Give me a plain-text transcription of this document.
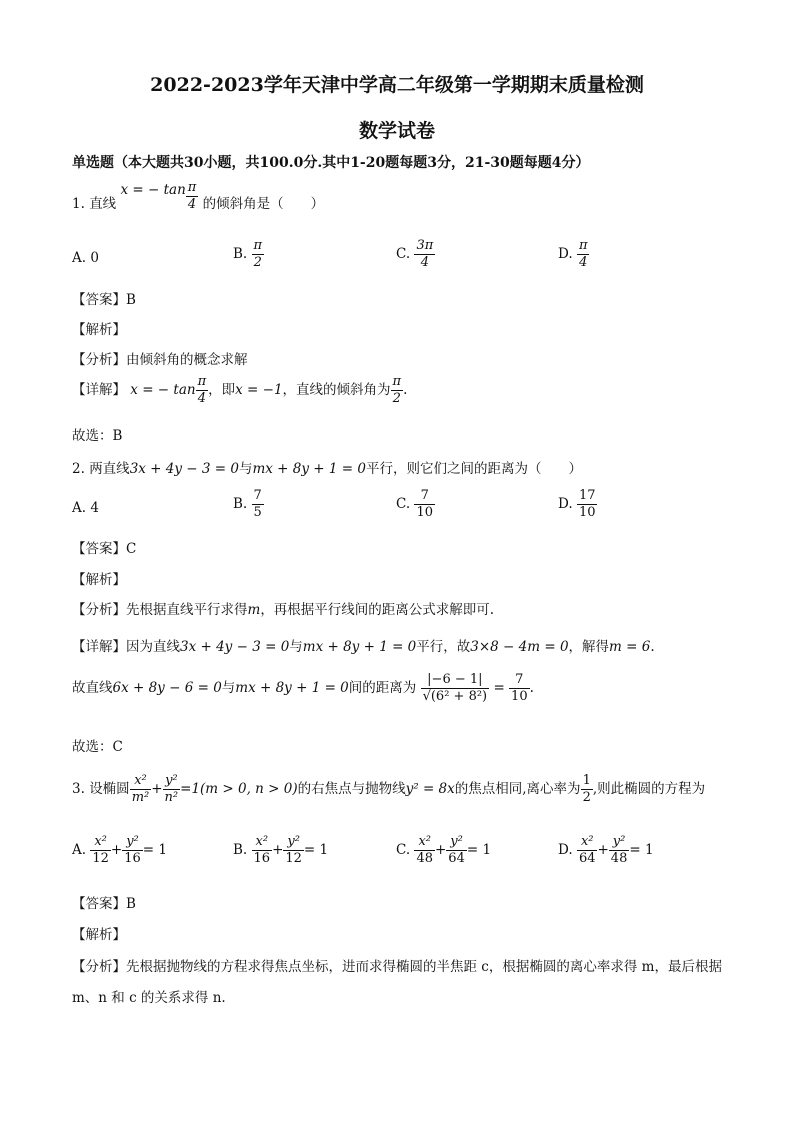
2022-2023学年天津中学高二年级第一学期期末质量检测
数学试卷
单选题（本大题共30小题，共100.0分.其中1-20题每题3分，21-30题每题4分）
1. 直线 x = − $\tan \frac{\pi}{4}$ 的倾斜角是（　　）
A. 0	B. $\frac{\pi}{2}$	C. $\frac{3\pi}{4}$	D. $\frac{\pi}{4}$
【答案】B
【解析】
【分析】由倾斜角的概念求解
【详解】 x = − $\tan \frac{\pi}{4}$ ，即x = −1，直线的倾斜角为 $\frac{\pi}{2}$ .
故选：B
2. 两直线3x + 4y − 3 = 0与mx + 8y + 1 = 0平行，则它们之间的距离为（　　）
A. 4	B. $\frac{7}{5}$	C. $\frac{7}{10}$	D. $\frac{17}{10}$
【答案】C
【解析】
【分析】先根据直线平行求得m，再根据平行线间的距离公式求解即可.
【详解】因为直线3x + 4y − 3 = 0与mx + 8y + 1 = 0平行，故3×8 − 4m = 0，解得m = 6.
故直线6x + 8y − 6 = 0与mx + 8y + 1 = 0间的距离为 $\frac{|-6 - 1|}{\text{√(6² + 8²)}} = \frac{7}{10}$ .
故选：C
3. 设椭圆 $\frac{\text{x²}}{\text{m²}} + \frac{\text{y²}}{\text{n²}} =1(m > 0$, n > 0)的右焦点与抛物线y² = 8x的焦点相同,离心率为 $\frac{1}{2}$ ,则此椭圆的方程为
A. $\frac{\text{x²}}{12} + \frac{\text{y²}}{16} = 1$	B. $\frac{\text{x²}}{16} + \frac{\text{y²}}{12} = 1$	C. $\frac{\text{x²}}{48} + \frac{\text{y²}}{64} = 1$	D. $\frac{\text{x²}}{64} + \frac{\text{y²}}{48} = 1$
【答案】B
【解析】
【分析】先根据抛物线的方程求得焦点坐标，进而求得椭圆的半焦距 c，根据椭圆的离心率求得 m，最后根据
m、n 和 c 的关系求得 n.
